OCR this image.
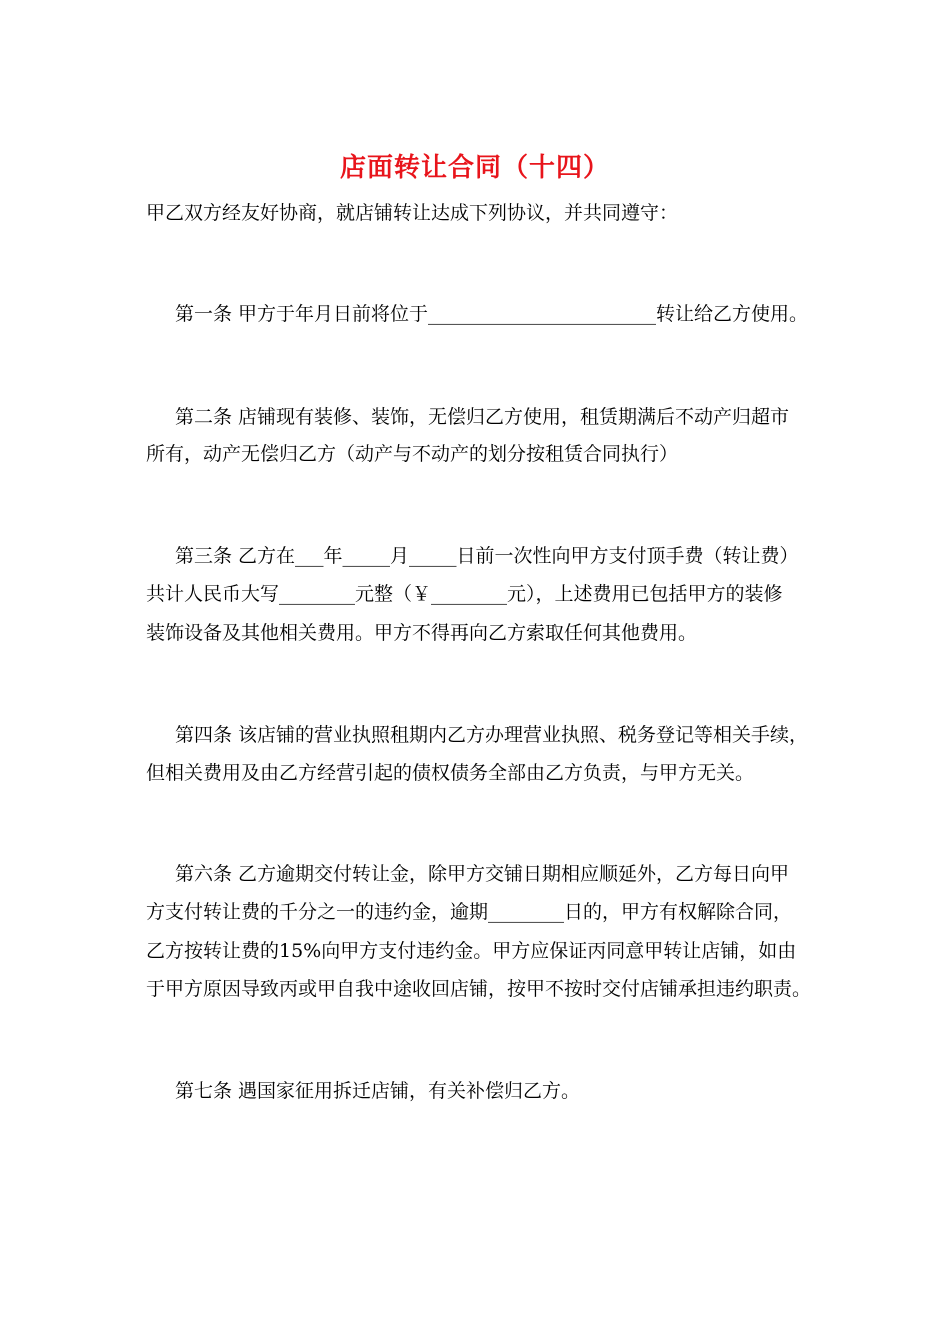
店面转让合同（十四）
甲乙双方经友好协商，就店铺转让达成下列协议，并共同遵守：
第一条 甲方于年月日前将位于________________________转让给乙方使用。
第二条 店铺现有装修、装饰，无偿归乙方使用，租赁期满后不动产归超市
所有，动产无偿归乙方（动产与不动产的划分按租赁合同执行）
第三条 乙方在___年_____月_____日前一次性向甲方支付顶手费（转让费）
共计人民币大写________元整（￥________元），上述费用已包括甲方的装修
装饰设备及其他相关费用。甲方不得再向乙方索取任何其他费用。
第四条 该店铺的营业执照租期内乙方办理营业执照、税务登记等相关手续，
但相关费用及由乙方经营引起的债权债务全部由乙方负责，与甲方无关。
第六条 乙方逾期交付转让金，除甲方交铺日期相应顺延外，乙方每日向甲
方支付转让费的千分之一的违约金，逾期________日的，甲方有权解除合同，
乙方按转让费的15%向甲方支付违约金。甲方应保证丙同意甲转让店铺，如由
于甲方原因导致丙或甲自我中途收回店铺，按甲不按时交付店铺承担违约职责。
第七条 遇国家征用拆迁店铺，有关补偿归乙方。
